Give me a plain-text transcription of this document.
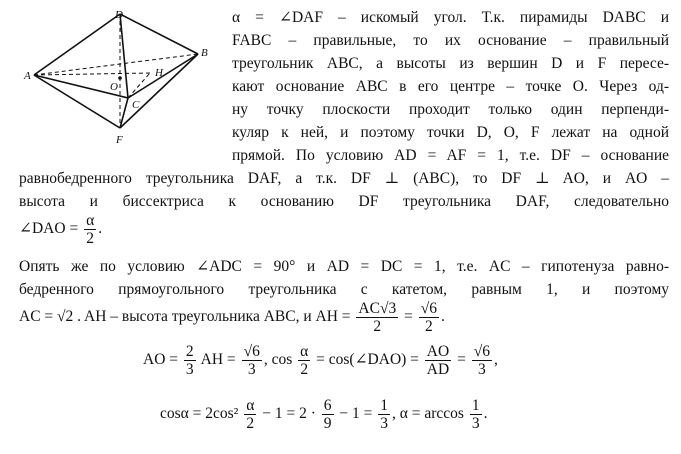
D
B
A	H
O
C
F
α = ∠DAF – искомый угол. Т.к. пирамиды DABC и
FABC – правильные, то их основание – правильный
треугольник ABC, а высоты из вершин D и F пересе-
кают основание ABC в его центре – точке O. Через од-
ну точку плоскости проходит только один перпенди-
куляр к ней, и поэтому точки D, O, F лежат на одной
прямой. По условию AD = AF = 1, т.е. DF – основание
равнобедренного треугольника DAF, а т.к. DF ⊥ (ABC), то DF ⊥ AO, и AO –
высота и биссектриса к основанию DF треугольника DAF, следовательно
∠DAO = $\frac{\alpha}{2}$ .
Опять же по условию ∠ADC = 90° и AD = DC = 1, т.е. AC – гипотенуза равно-
бедренного прямоугольного треугольника с катетом, равным 1, и поэтому
AC = √2 . AH – высота треугольника ABC, и AH = $\frac{AC√3}{2} = \frac{√6}{2}$ .
AO = $\frac{2}{3}$ AH = $\frac{√6}{3}$ , $\cos \frac{\alpha}{2}$ = cos(∠DAO) = $\frac{AO}{AD} = \frac{√6}{3}$ ,
$\cos\alpha = 2\cos^2 \frac{\alpha}{2} - 1 = 2 \cdot \frac{6}{9} - 1 = \frac{1}{3}$ , $\alpha = \arccos \frac{1}{3}$ .
